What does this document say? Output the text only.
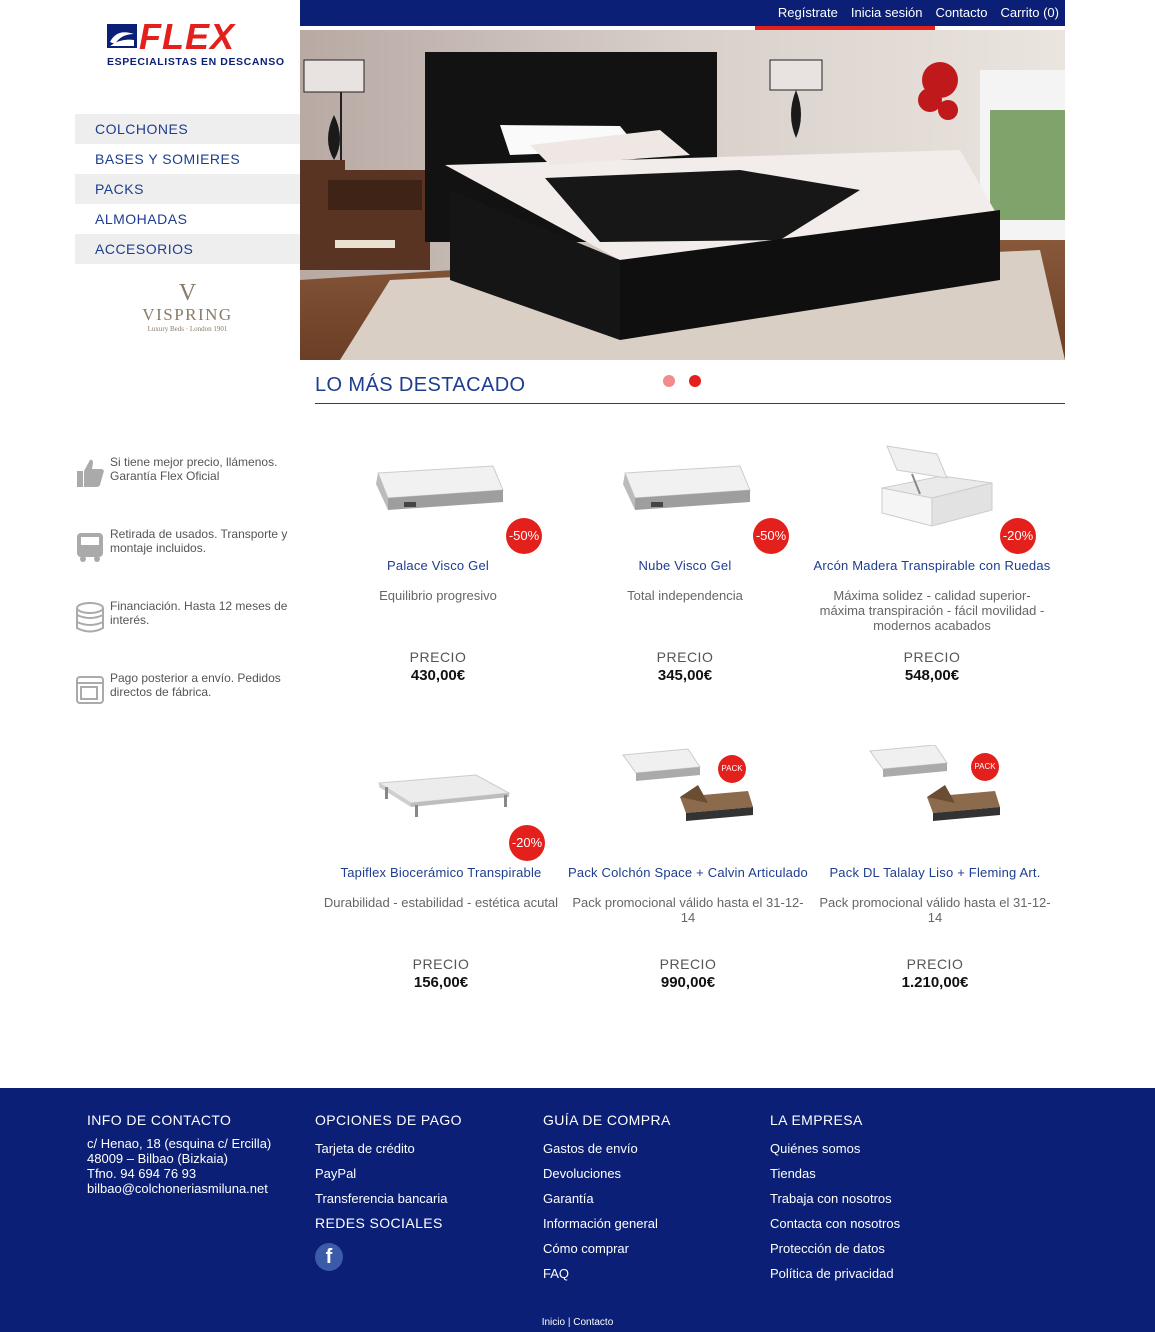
Regístrate Inicia sesión Contacto Carrito (0)
FLEX
ESPECIALISTAS EN DESCANSO
COLCHONES
BASES Y SOMIERES
PACKS
ALMOHADAS
ACCESORIOS
V
VISPRING
Luxury Beds · London 1901
LO MÁS DESTACADO
Si tiene mejor precio, llámenos. Garantía Flex Oficial
Retirada de usados. Transporte y montaje incluidos.
Financiación. Hasta 12 meses de interés.
Pago posterior a envío. Pedidos directos de fábrica.
-50%
Palace Visco Gel
Equilibrio progresivo
PRECIO
430,00€
-50%
Nube Visco Gel
Total independencia
PRECIO
345,00€
-20%
Arcón Madera Transpirable con Ruedas
Máxima solidez - calidad superior- máxima transpiración - fácil movilidad - modernos acabados
PRECIO
548,00€
-20%
Tapiflex Biocerámico Transpirable
Durabilidad - estabilidad - estética acutal
PRECIO
156,00€
PACK
Pack Colchón Space + Calvin Articulado
Pack promocional válido hasta el 31-12-14
PRECIO
990,00€
PACK
Pack DL Talalay Liso + Fleming Art.
Pack promocional válido hasta el 31-12-14
PRECIO
1.210,00€
INFO DE CONTACTO

c/ Henao, 18 (esquina c/ Ercilla)

48009 – Bilbao (Bizkaia)

Tfno. 94 694 76 93

bilbao@colchoneriasmiluna.net

OPCIONES DE PAGO
Tarjeta de crédito
PayPal
Transferencia bancaria
REDES SOCIALES
f
GUÍA DE COMPRA
Gastos de envío
Devoluciones
Garantía
Información general
Cómo comprar
FAQ
LA EMPRESA
Quiénes somos
Tiendas
Trabaja con nosotros
Contacta con nosotros
Protección de datos
Política de privacidad
Inicio | Contacto
